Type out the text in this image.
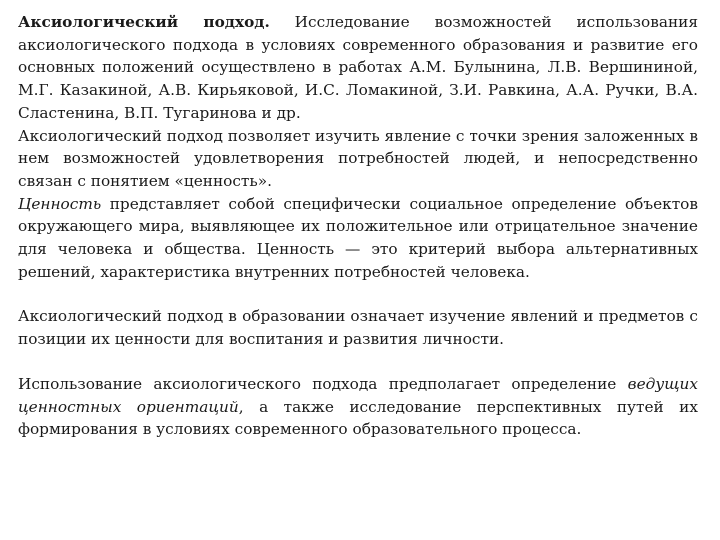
Аксиологический подход. Исследование возможностей использования аксиологического подхода в условиях современного образования и развитие его основных положений осуществлено в работах А.М. Булынина, Л.В. Вершининой, М.Г. Казакиной, А.В. Кирьяковой, И.С. Ломакиной, З.И. Равкина, А.А. Ручки, В.А. Сластенина, В.П. Тугаринова и др.

Аксиологический подход позволяет изучить явление с точки зрения заложенных в нем возможностей удовлетворения потребностей людей, и непосредственно связан с понятием «ценность».

Ценность представляет собой специфически социальное определение объектов окружающего мира, выявляющее их положительное или отрицательное значение для человека и общества. Ценность — это критерий выбора альтернативных решений, характеристика внутренних потребностей человека.

Аксиологический подход в образовании означает изучение явлений и предметов с позиции их ценности для воспитания и развития личности.

Использование аксиологического подхода предполагает определение ведущих ценностных ориентаций, а также исследование перспективных путей их формирования в условиях современного образовательного процесса.
